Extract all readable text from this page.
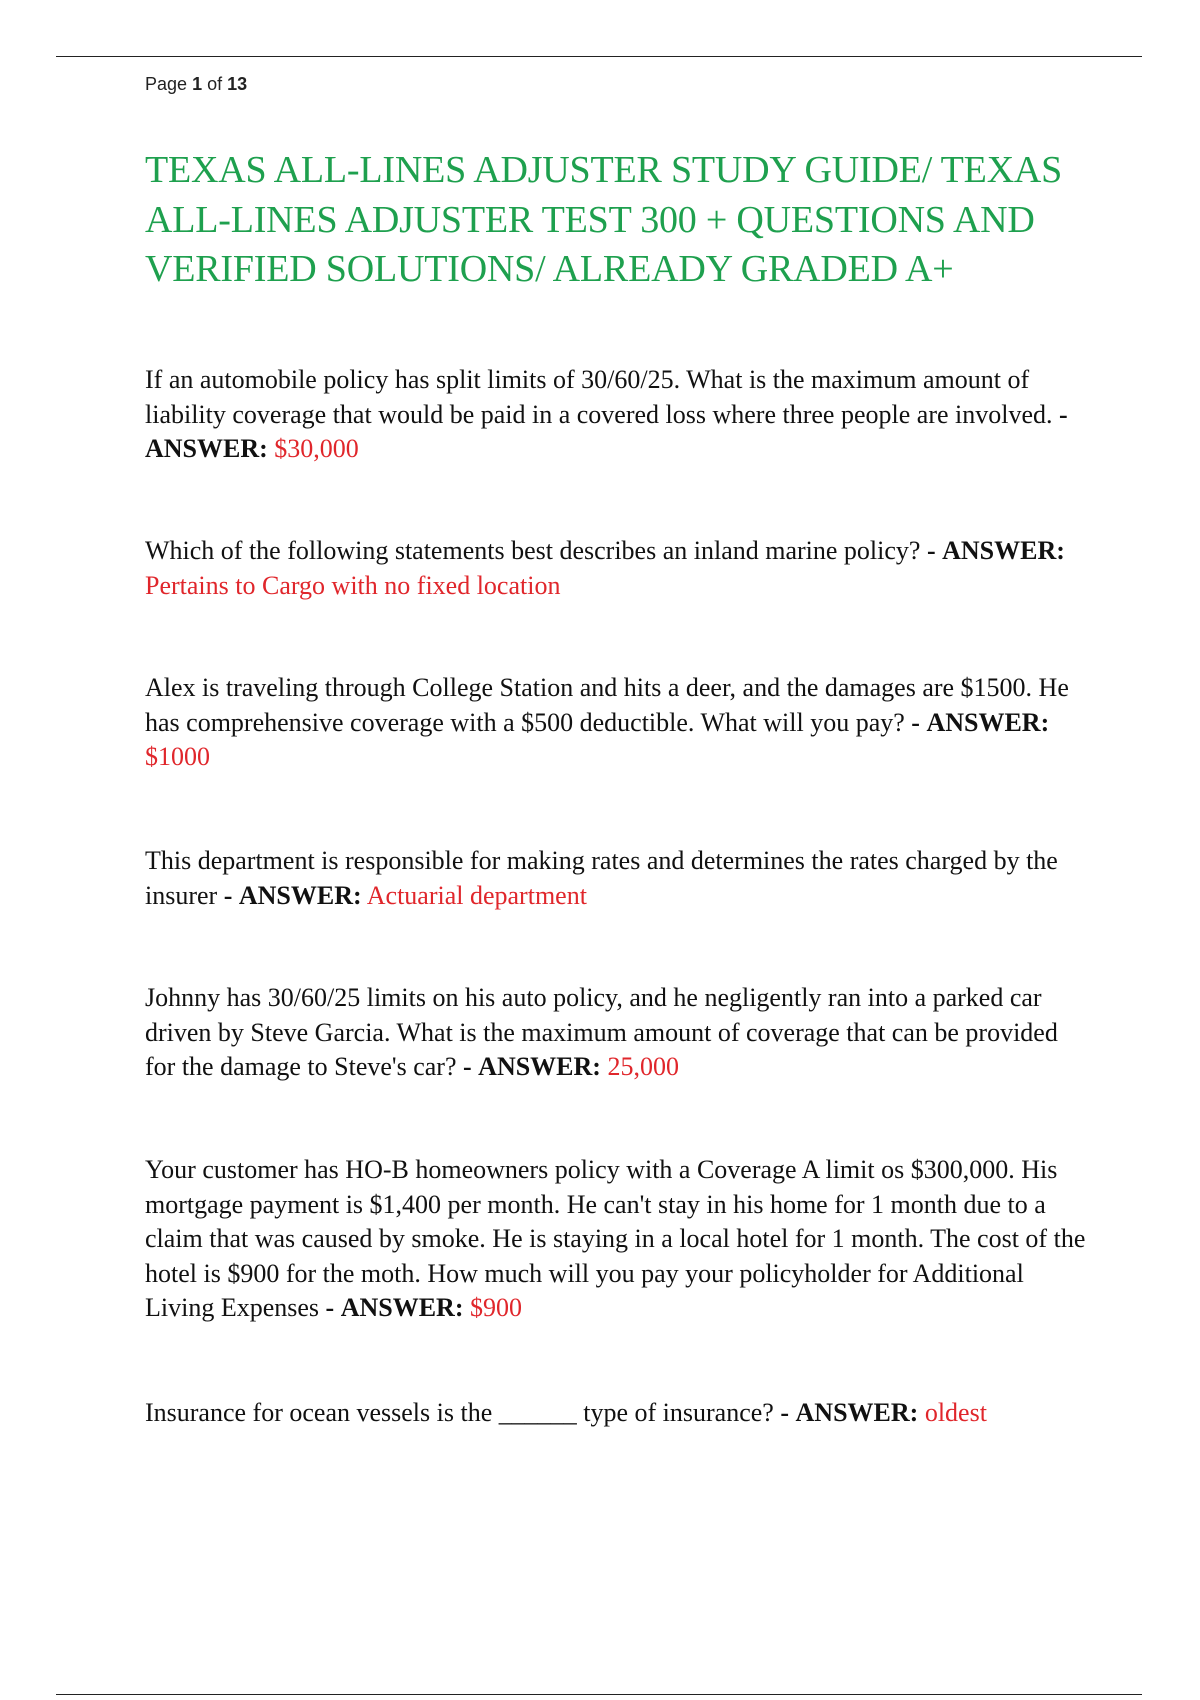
Page 1 of 13
TEXAS ALL-LINES ADJUSTER STUDY GUIDE/ TEXAS ALL-LINES ADJUSTER TEST 300 + QUESTIONS AND VERIFIED SOLUTIONS/ ALREADY GRADED A+

If an automobile policy has split limits of 30/60/25. What is the maximum amount of liability coverage that would be paid in a covered loss where three people are involved. - ANSWER: $30,000

Which of the following statements best describes an inland marine policy? - ANSWER: Pertains to Cargo with no fixed location

Alex is traveling through College Station and hits a deer, and the damages are $1500. He has comprehensive coverage with a $500 deductible. What will you pay? - ANSWER: $1000

This department is responsible for making rates and determines the rates charged by the insurer - ANSWER: Actuarial department

Johnny has 30/60/25 limits on his auto policy, and he negligently ran into a parked car driven by Steve Garcia. What is the maximum amount of coverage that can be provided for the damage to Steve's car? - ANSWER: 25,000

Your customer has HO-B homeowners policy with a Coverage A limit os $300,000. His mortgage payment is $1,400 per month. He can't stay in his home for 1 month due to a claim that was caused by smoke. He is staying in a local hotel for 1 month. The cost of the hotel is $900 for the moth. How much will you pay your policyholder for Additional Living Expenses - ANSWER: $900

Insurance for ocean vessels is the ______ type of insurance? - ANSWER: oldest
